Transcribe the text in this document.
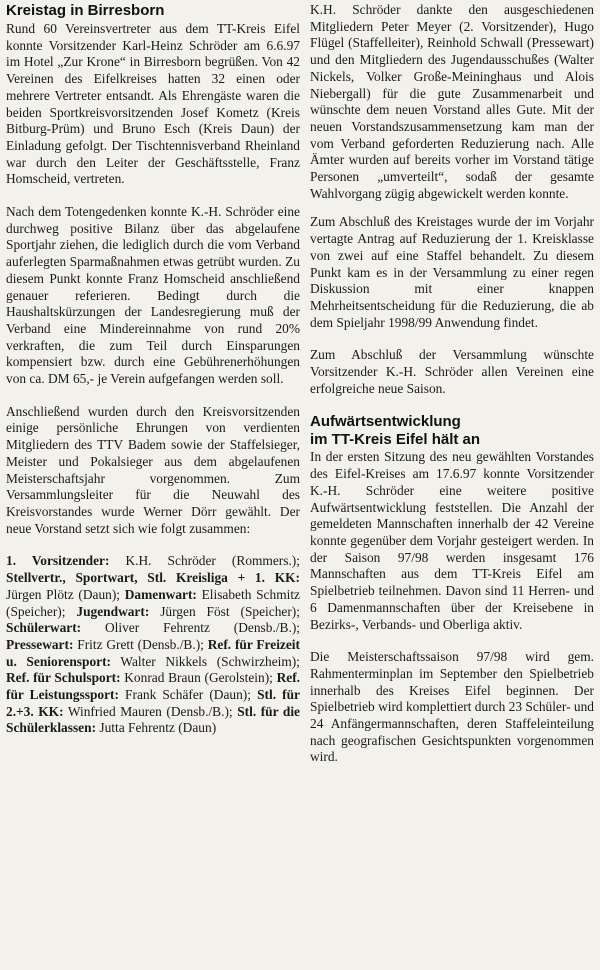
Kreistag in Birresborn

Rund 60 Vereinsvertreter aus dem TT-Kreis Eifel konnte Vorsitzender Karl-Heinz Schröder am 6.6.97 im Hotel „Zur Krone“ in Birresborn begrüßen. Von 42 Vereinen des Eifelkreises hatten 32 einen oder mehrere Vertreter entsandt. Als Ehrengäste waren die beiden Sportkreisvorsitzenden Josef Kometz (Kreis Bitburg-Prüm) und Bruno Esch (Kreis Daun) der Einladung gefolgt. Der Tischtennisverband Rheinland war durch den Leiter der Geschäftsstelle, Franz Homscheid, vertreten.

Nach dem Totengedenken konnte K.-H. Schröder eine durchweg positive Bilanz über das abgelaufene Sportjahr ziehen, die lediglich durch die vom Verband auferlegten Sparmaßnahmen etwas getrübt wurden. Zu diesem Punkt konnte Franz Homscheid anschließend genauer referieren. Bedingt durch die Haushaltskürzungen der Landesregierung muß der Verband eine Mindereinnahme von rund 20% verkraften, die zum Teil durch Einsparungen kompensiert bzw. durch eine Gebührenerhöhungen von ca. DM 65,- je Verein aufgefangen werden soll.

Anschließend wurden durch den Kreisvorsitzenden einige persönliche Ehrungen von verdienten Mitgliedern des TTV Badem sowie der Staffelsieger, Meister und Pokalsieger aus dem abgelaufenen Meisterschaftsjahr vorgenommen. Zum Versammlungsleiter für die Neuwahl des Kreisvorstandes wurde Werner Dörr gewählt. Der neue Vorstand setzt sich wie folgt zusammen:

1. Vorsitzender: K.H. Schröder (Rommers.); Stellvertr., Sportwart, Stl. Kreisliga + 1. KK: Jürgen Plötz (Daun); Damenwart: Elisabeth Schmitz (Speicher); Jugendwart: Jürgen Föst (Speicher); Schülerwart: Oliver Fehrentz (Densb./B.); Pressewart: Fritz Grett (Densb./B.); Ref. für Freizeit u. Seniorensport: Walter Nikkels (Schwirzheim); Ref. für Schulsport: Konrad Braun (Gerolstein); Ref. für Leistungssport: Frank Schäfer (Daun); Stl. für 2.+3. KK: Winfried Mauren (Densb./B.); Stl. für die Schülerklassen: Jutta Fehrentz (Daun)

K.H. Schröder dankte den ausgeschiedenen Mitgliedern Peter Meyer (2. Vorsitzender), Hugo Flügel (Staffelleiter), Reinhold Schwall (Pressewart) und den Mitgliedern des Jugendausschußes (Walter Nickels, Volker Große-Meininghaus und Alois Niebergall) für die gute Zusammenarbeit und wünschte dem neuen Vorstand alles Gute. Mit der neuen Vorstandszusammensetzung kam man der vom Verband geforderten Reduzierung nach. Alle Ämter wurden auf bereits vorher im Vorstand tätige Personen „umverteilt“, sodaß der gesamte Wahlvorgang zügig abgewickelt werden konnte.

Zum Abschluß des Kreistages wurde der im Vorjahr vertagte Antrag auf Reduzierung der 1. Kreisklasse von zwei auf eine Staffel behandelt. Zu diesem Punkt kam es in der Versammlung zu einer regen Diskussion mit einer knappen Mehrheitsentscheidung für die Reduzierung, die ab dem Spieljahr 1998/99 Anwendung findet.

Zum Abschluß der Versammlung wünschte Vorsitzender K.-H. Schröder allen Vereinen eine erfolgreiche neue Saison.

Aufwärtsentwicklung
im TT-Kreis Eifel hält an

In der ersten Sitzung des neu gewählten Vorstandes des Eifel-Kreises am 17.6.97 konnte Vorsitzender K.-H. Schröder eine weitere positive Aufwärtsentwicklung feststellen. Die Anzahl der gemeldeten Mannschaften innerhalb der 42 Vereine konnte gegenüber dem Vorjahr gesteigert werden. In der Saison 97/98 werden insgesamt 176 Mannschaften aus dem TT-Kreis Eifel am Spielbetrieb teilnehmen. Davon sind 11 Herren- und 6 Damenmannschaften über der Kreisebene in Bezirks-, Verbands- und Oberliga aktiv.

Die Meisterschaftssaison 97/98 wird gem. Rahmenterminplan im September den Spielbetrieb innerhalb des Kreises Eifel beginnen. Der Spielbetrieb wird komplettiert durch 23 Schüler- und 24 Anfängermannschaften, deren Staffeleinteilung nach geografischen Gesichtspunkten vorgenommen wird.
